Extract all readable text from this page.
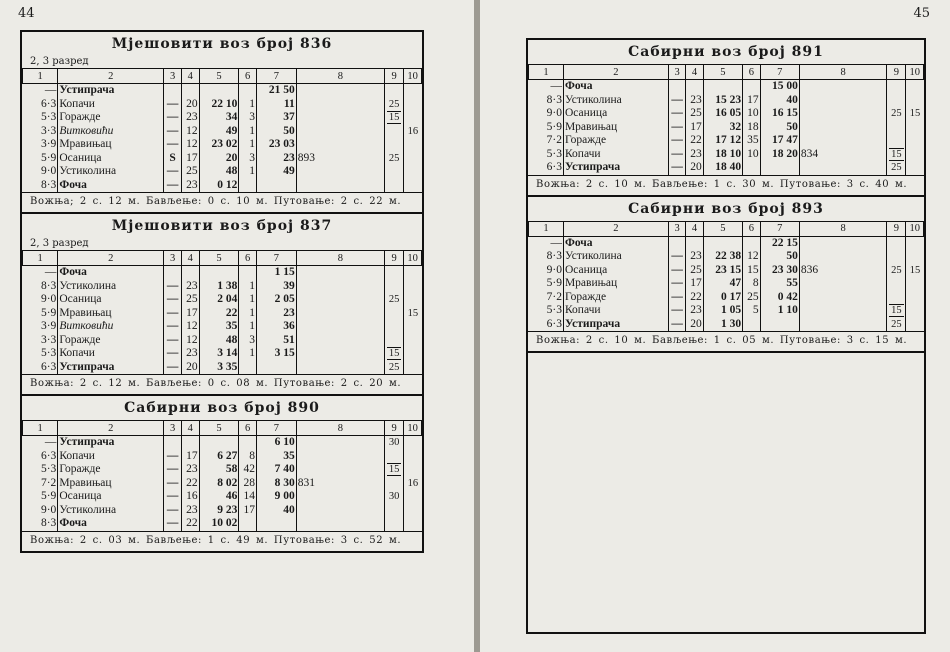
44
Мјешовити воз број 836
2, 3 разред
1	2	3	4	5	6	7	8	9	10
—	Устипрача					21 50			
6·3	Копачи	—	20	22 10	1	11		25	
5·3	Горажде	—	23	34	3	37		15	
3·3	Витковићи	—	12	49	1	50			16
3·9	Мравињац	—	12	23 02	1	23 03			
5·9	Осаница	S	17	20	3	23	893	25	
9·0	Устиколина	—	25	48	1	49			
8·3	Фоча	—	23	0 12					
Вожња; 2 с. 12 м. Бављење: 0 с. 10 м. Путовање: 2 с. 22 м.
Мјешовити воз број 837
2, 3 разред
1	2	3	4	5	6	7	8	9	10
—	Фоча					1 15			
8·3	Устиколина	—	23	1 38	1	39			
9·0	Осаница	—	25	2 04	1	2 05		25	
5·9	Мравињац	—	17	22	1	23			15
3·9	Витковићи	—	12	35	1	36			
3·3	Горажде	—	12	48	3	51			
5·3	Копачи	—	23	3 14	1	3 15		15	
6·3	Устипрача	—	20	3 35				25	
Вожња: 2 с. 12 м. Бављење: 0 с. 08 м. Путовање: 2 с. 20 м.
Сабирни воз број 890
1	2	3	4	5	6	7	8	9	10
—	Устипрача					6 10		30	
6·3	Копачи	—	17	6 27	8	35			
5·3	Горажде	—	23	58	42	7 40		15	
7·2	Мравињац	—	22	8 02	28	8 30	831		16
5·9	Осаница	—	16	46	14	9 00		30	
9·0	Устиколина	—	23	9 23	17	40			
8·3	Фоча	—	22	10 02					
Вожња: 2 с. 03 м. Бављење: 1 с. 49 м. Путовање: 3 с. 52 м.
45
Сабирни воз број 891
1	2	3	4	5	6	7	8	9	10
—	Фоча					15 00			
8·3	Устиколина	—	23	15 23	17	40			
9·0	Осаница	—	25	16 05	10	16 15		25	15
5·9	Мравињац	—	17	32	18	50			
7·2	Горажде	—	22	17 12	35	17 47			
5·3	Копачи	—	23	18 10	10	18 20	834	15	
6·3	Устипрача	—	20	18 40				25	
Вожња: 2 с. 10 м. Бављење: 1 с. 30 м. Путовање: 3 с. 40 м.
Сабирни воз број 893
1	2	3	4	5	6	7	8	9	10
—	Фоча					22 15			
8·3	Устиколина	—	23	22 38	12	50			
9·0	Осаница	—	25	23 15	15	23 30	836	25	15
5·9	Мравињац	—	17	47	8	55			
7·2	Горажде	—	22	0 17	25	0 42			
5·3	Копачи	—	23	1 05	5	1 10		15	
6·3	Устипрача	—	20	1 30				25	
Вожња: 2 с. 10 м. Бављење: 1 с. 05 м. Путовање: 3 с. 15 м.
